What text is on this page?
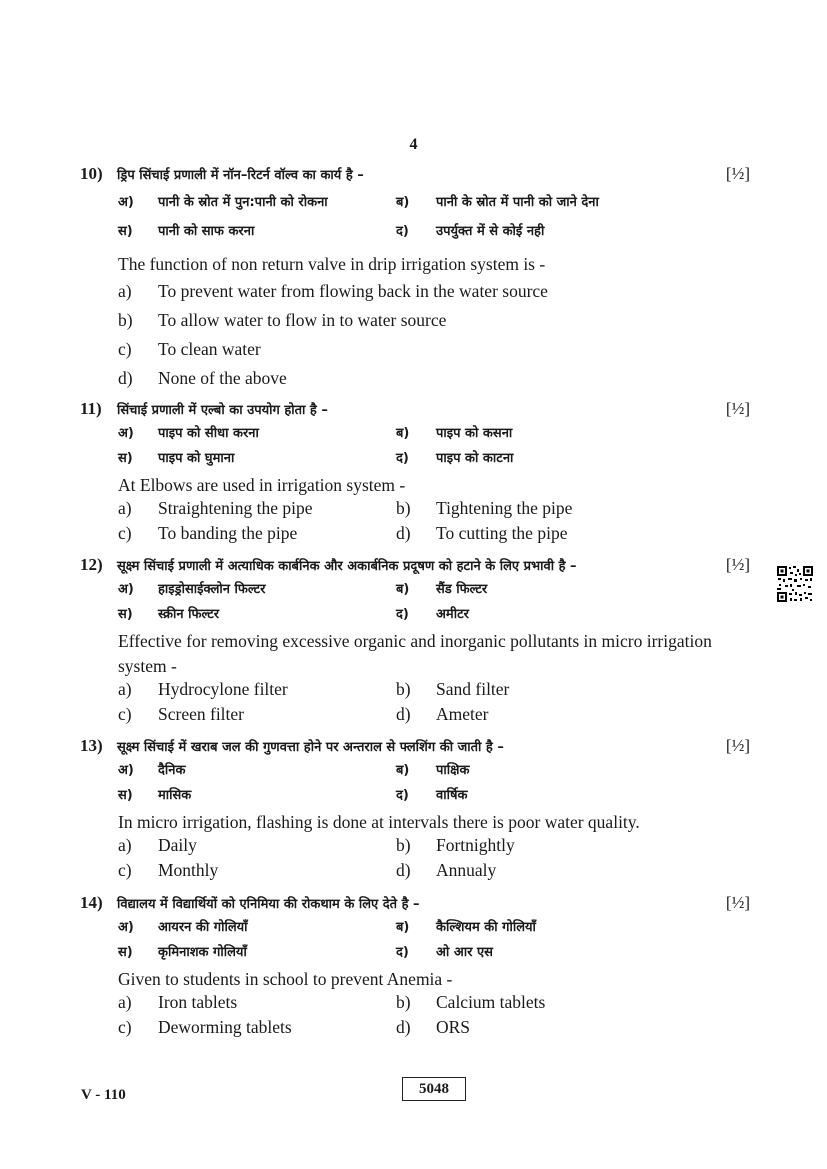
4
10) ड्रिप सिंचाई प्रणाली में नॉन–रिटर्न वॉल्व का कार्य है –	[½]
अ) पानी के स्रोत में पुन:पानी को रोकना	ब) पानी के स्रोत में पानी को जाने देना
स) पानी को साफ करना	द) उपर्युक्त में से कोई नही
The function of non return valve in drip irrigation system is -
a) To prevent water from flowing back in the water source
b) To allow water to flow in to water source
c) To clean water
d) None of the above
11) सिंचाई प्रणाली में एल्बो का उपयोग होता है –	[½]
अ) पाइप को सीधा करना	ब) पाइप को कसना
स) पाइप को घुमाना	द) पाइप को काटना
At Elbows are used in irrigation system -
a) Straightening the pipe	b) Tightening the pipe
c) To banding the pipe	d) To cutting the pipe
12) सूक्ष्म सिंचाई प्रणाली में अत्याधिक कार्बनिक और अकार्बनिक प्रदूषण को हटाने के लिए प्रभावी है –	[½]
अ) हाइड्रोसाईक्लोन फिल्टर	ब) सैंड फिल्टर
स) स्क्रीन फिल्टर	द) अमीटर
Effective for removing excessive organic and inorganic pollutants in micro irrigation system -
a) Hydrocylone filter	b) Sand filter
c) Screen filter	d) Ameter
13) सूक्ष्म सिंचाई में खराब जल की गुणवत्ता होने पर अन्तराल से फ्लशिंग की जाती है –	[½]
अ) दैनिक	ब) पाक्षिक
स) मासिक	द) वार्षिक
In micro irrigation, flashing is done at intervals there is poor water quality.
a) Daily	b) Fortnightly
c) Monthly	d) Annualy
14) विद्यालय में विद्यार्थियों को एनिमिया की रोकथाम के लिए देते है –	[½]
अ) आयरन की गोलियाँ	ब) कैल्शियम की गोलियाँ
स) कृमिनाशक गोलियाँ	द) ओ आर एस
Given to students in school to prevent Anemia -
a) Iron tablets	b) Calcium tablets
c) Deworming tablets	d) ORS
V - 110	5048
